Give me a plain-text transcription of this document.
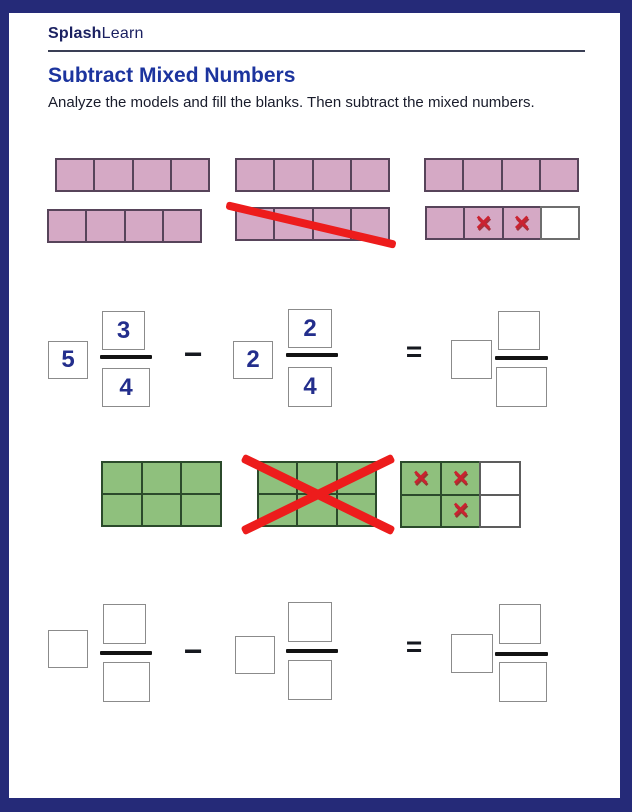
SplashLearn
Subtract Mixed Numbers

Analyze the models and fill the blanks. Then subtract the mixed numbers.

✕ ✕
5
3
4
−	2
2
4
=
✕ ✕
✕
−	=
